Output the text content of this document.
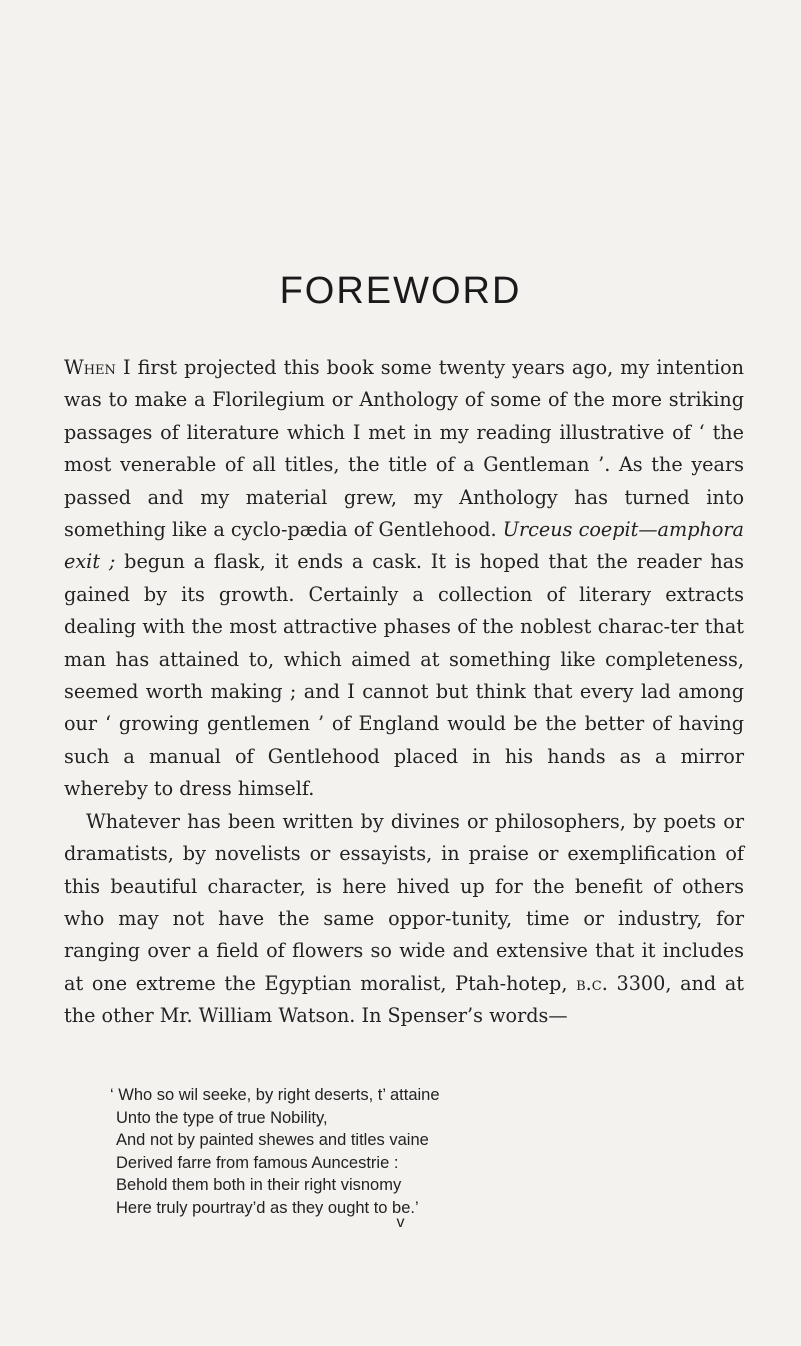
FOREWORD

When I first projected this book some twenty years ago, my intention was to make a Florilegium or Anthology of some of the more striking passages of literature which I met in my reading illustrative of ‘ the most venerable of all titles, the title of a Gentleman ’. As the years passed and my material grew, my Anthology has turned into something like a cyclo-pædia of Gentlehood. Urceus coepit—amphora exit ; begun a flask, it ends a cask. It is hoped that the reader has gained by its growth. Certainly a collection of literary extracts dealing with the most attractive phases of the noblest charac-ter that man has attained to, which aimed at something like completeness, seemed worth making ; and I cannot but think that every lad among our ‘ growing gentlemen ’ of England would be the better of having such a manual of Gentlehood placed in his hands as a mirror whereby to dress himself.

Whatever has been written by divines or philosophers, by poets or dramatists, by novelists or essayists, in praise or exemplification of this beautiful character, is here hived up for the benefit of others who may not have the same oppor-tunity, time or industry, for ranging over a field of flowers so wide and extensive that it includes at one extreme the Egyptian moralist, Ptah-hotep, b.c. 3300, and at the other Mr. William Watson. In Spenser’s words—

‘ Who so wil seeke, by right deserts, t’ attaine
Unto the type of true Nobility,
And not by painted shewes and titles vaine
Derived farre from famous Auncestrie :
Behold them both in their right visnomy
Here truly pourtray’d as they ought to be.’
v
